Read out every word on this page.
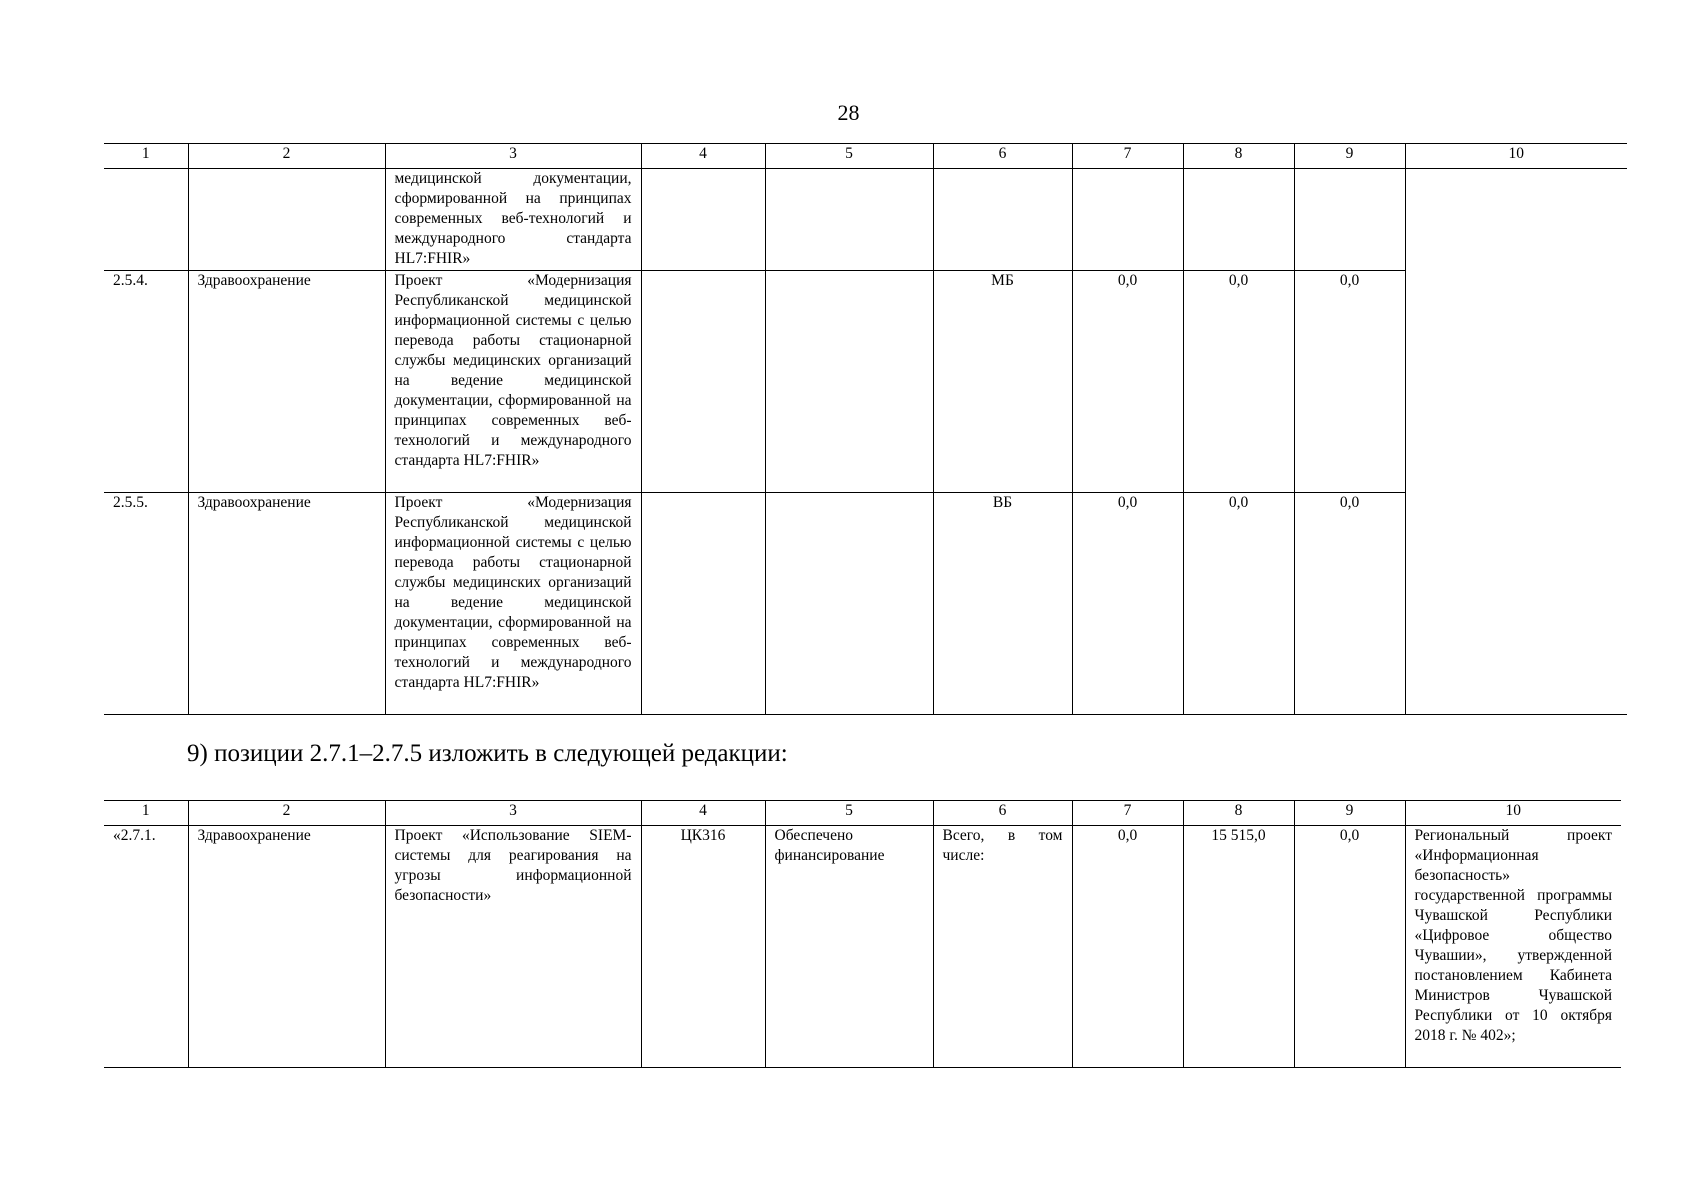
28
1	2	3	4	5	6	7	8	9	10
		медицинской документации, сформированной на принципах современных веб-технологий и международного стандарта HL7:FHIR»							
2.5.4.	Здравоохранение	Проект «Модернизация Республиканской медицинской информационной системы с целью перевода работы стационарной службы медицинских организаций на ведение медицинской документации, сформированной на принципах современных веб-технологий и международного стандарта HL7:FHIR»			МБ	0,0	0,0	0,0	
2.5.5.	Здравоохранение	Проект «Модернизация Республиканской медицинской информационной системы с целью перевода работы стационарной службы медицинских организаций на ведение медицинской документации, сформированной на принципах современных веб-технологий и международного стандарта HL7:FHIR»			ВБ	0,0	0,0	0,0	
9) позиции 2.7.1–2.7.5 изложить в следующей редакции:
1	2	3	4	5	6	7	8	9	10
«2.7.1.	Здравоохранение	Проект «Использование SIEM-системы для реагирования на угрозы информационной безопасности»	ЦК316	Обеспечено финансирование	Всего, в том числе:	0,0	15 515,0	0,0	Региональный проект «Информационная безопасность» государственной программы Чувашской Республики «Цифровое общество Чувашии», утвержденной постановлением Кабинета Министров Чувашской Республики от 10 октября 2018 г. № 402»;
